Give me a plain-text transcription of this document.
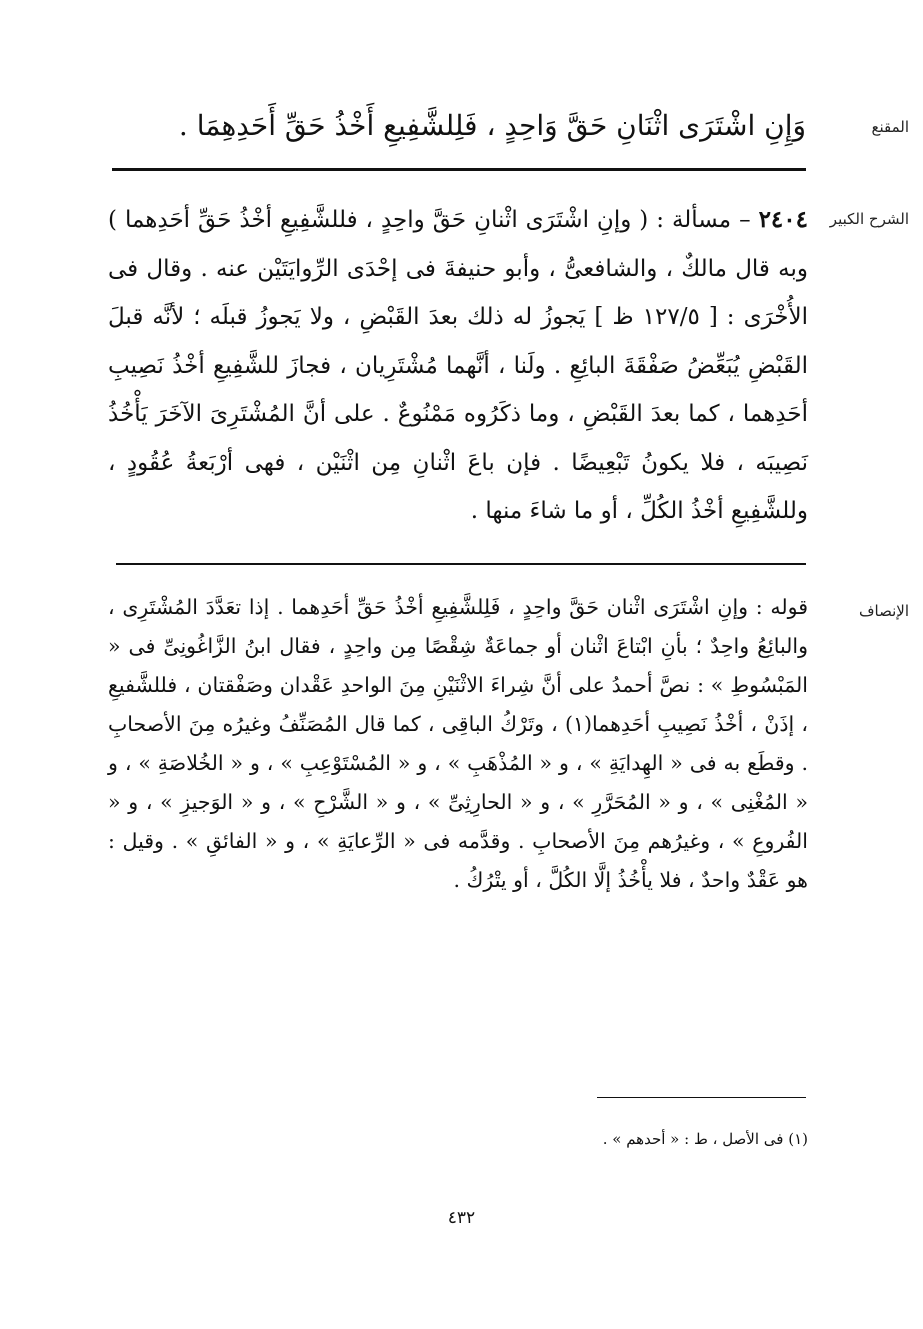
المقنع

وَإِنِ اشْتَرَى اثْنَانِ حَقَّ وَاحِدٍ ، فَلِلشَّفِيعِ أَخْذُ حَقِّ أَحَدِهِمَا .

الشرح الكبير

٢٤٠٤ – مسألة : ( وإنِ اشْتَرَى اثْنانِ حَقَّ واحِدٍ ، فللشَّفِيعِ أخْذُ حَقِّ أحَدِهما ) وبه قال مالكٌ ، والشافعىُّ ، وأبو حنيفةَ فى إحْدَى الرِّوايَتَيْن عنه . وقال فى الأُخْرَى : [ ١٢٧/٥ ظ ] يَجوزُ له ذلك بعدَ القَبْضِ ، ولا يَجوزُ قبلَه ؛ لأنَّه قبلَ القَبْضِ يُبَعِّضُ صَفْقَةَ البائِعِ . ولَنا ، أنَّهما مُشْتَرِيان ، فجازَ للشَّفِيعِ أخْذُ نَصِيبِ أحَدِهما ، كما بعدَ القَبْضِ ، وما ذكَرُوه مَمْنُوعٌ . على أنَّ المُشْتَرِىَ الآخَرَ يَأْخُذُ نَصِيبَه ، فلا يكونُ تَبْعِيضًا . فإن باعَ اثْنانِ مِن اثْنَيْن ، فهى أرْبَعةُ عُقُودٍ ، وللشَّفِيعِ أخْذُ الكُلِّ ، أو ما شاءَ منها .

الإنصاف

قوله : وإنِ اشْتَرَى اثْنان حَقَّ واحِدٍ ، فَلِلشَّفِيعِ أخْذُ حَقِّ أحَدِهما . إذا تعَدَّدَ المُشْتَرِى ، والبائِعُ واحِدٌ ؛ بأنِ ابْتاعَ اثْنان أو جماعَةٌ شِقْصًا مِن واحِدٍ ، فقال ابنُ الزَّاغُونِىِّ فى « المَبْسُوطِ » : نصَّ أحمدُ على أنَّ شِراءَ الاثْنَيْنِ مِنَ الواحدِ عَقْدان وصَفْقتان ، فللشَّفيعِ ، إذَنْ ، أخْذُ نَصِيبِ أحَدِهما(١) ، وتَرْكُ الباقِى ، كما قال المُصَنِّفُ وغيرُه مِنَ الأصحابِ . وقطَع به فى « الهِدايَةِ » ، و « المُذْهَبِ » ، و « المُسْتَوْعِبِ » ، و « الخُلاصَةِ » ، و « المُغْنِى » ، و « المُحَرَّرِ » ، و « الحارِثِىِّ » ، و « الشَّرْحِ » ، و « الوَجيزِ » ، و « الفُروعِ » ، وغيرُهم مِنَ الأصحابِ . وقدَّمه فى « الرِّعايَةِ » ، و « الفائقِ » . وقيل : هو عَقْدٌ واحدٌ ، فلا يأْخُذُ إلَّا الكُلَّ ، أو يتْرُكُ .

(١) فى الأصل ، ط : « أحدهم » .

٤٣٢
